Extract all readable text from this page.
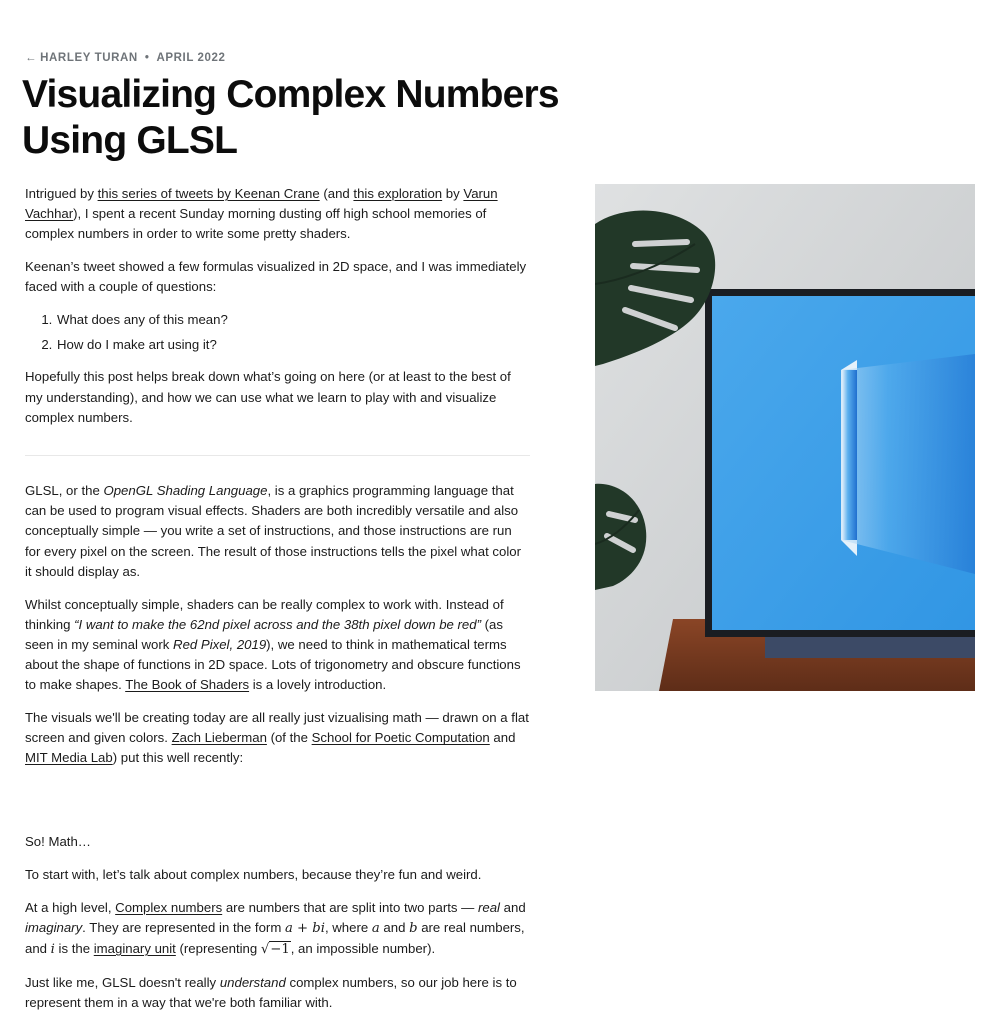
← HARLEY TURAN • APRIL 2022
Visualizing Complex Numbers
Using GLSL

Intrigued by this series of tweets by Keenan Crane (and this exploration by Varun Vachhar), I spent a recent Sunday morning dusting off high school memories of complex numbers in order to write some pretty shaders.

Keenan’s tweet showed a few formulas visualized in 2D space, and I was immediately faced with a couple of questions:

1. What does any of this mean?
2. How do I make art using it?

Hopefully this post helps break down what’s going on here (or at least to the best of my understanding), and how we can use what we learn to play with and visualize complex numbers.

GLSL, or the OpenGL Shading Language, is a graphics programming language that can be used to program visual effects. Shaders are both incredibly versatile and also conceptually simple — you write a set of instructions, and those instructions are run for every pixel on the screen. The result of those instructions tells the pixel what color it should display as.

Whilst conceptually simple, shaders can be really complex to work with. Instead of thinking “I want to make the 62nd pixel across and the 38th pixel down be red” (as seen in my seminal work Red Pixel, 2019), we need to think in mathematical terms about the shape of functions in 2D space. Lots of trigonometry and obscure functions to make shapes. The Book of Shaders is a lovely introduction.

The visuals we'll be creating today are all really just vizualising math — drawn on a flat screen and given colors. Zach Lieberman (of the School for Poetic Computation and MIT Media Lab) put this well recently:

So! Math…

To start with, let’s talk about complex numbers, because they’re fun and weird.

At a high level, Complex numbers are numbers that are split into two parts — real and imaginary. They are represented in the form a + bi, where a and b are real numbers, and i is the imaginary unit (representing √−1, an impossible number).

Just like me, GLSL doesn't really understand complex numbers, so our job here is to represent them in a way that we're both familiar with.
